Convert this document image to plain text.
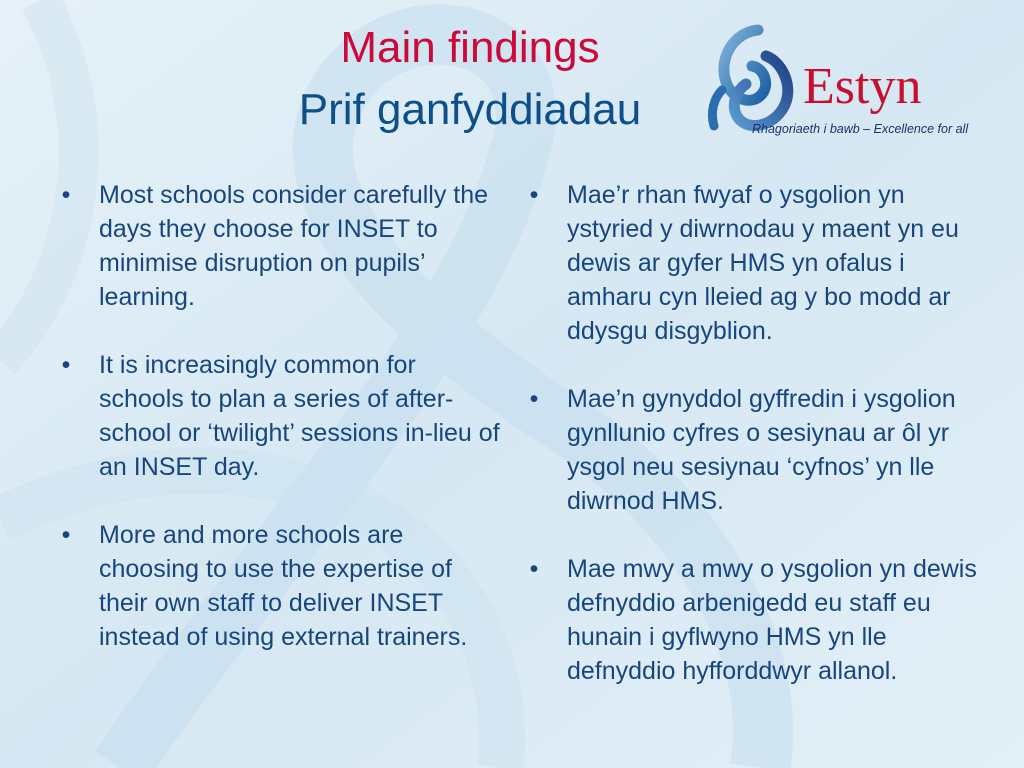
Main findings
Prif ganfyddiadau	Estyn
Rhagoriaeth i bawb – Excellence for all
• Most schools consider carefully the days they choose for INSET to minimise disruption on pupils’ learning.
• It is increasingly common for schools to plan a series of after-school or ‘twilight’ sessions in-lieu of an INSET day.
• More and more schools are choosing to use the expertise of their own staff to deliver INSET instead of using external trainers.
• Mae’r rhan fwyaf o ysgolion yn ystyried y diwrnodau y maent yn eu dewis ar gyfer HMS yn ofalus i amharu cyn lleied ag y bo modd ar ddysgu disgyblion.
• Mae’n gynyddol gyffredin i ysgolion gynllunio cyfres o sesiynau ar ôl yr ysgol neu sesiynau ‘cyfnos’ yn lle diwrnod HMS.
• Mae mwy a mwy o ysgolion yn dewis defnyddio arbenigedd eu staff eu hunain i gyflwyno HMS yn lle defnyddio hyfforddwyr allanol.
